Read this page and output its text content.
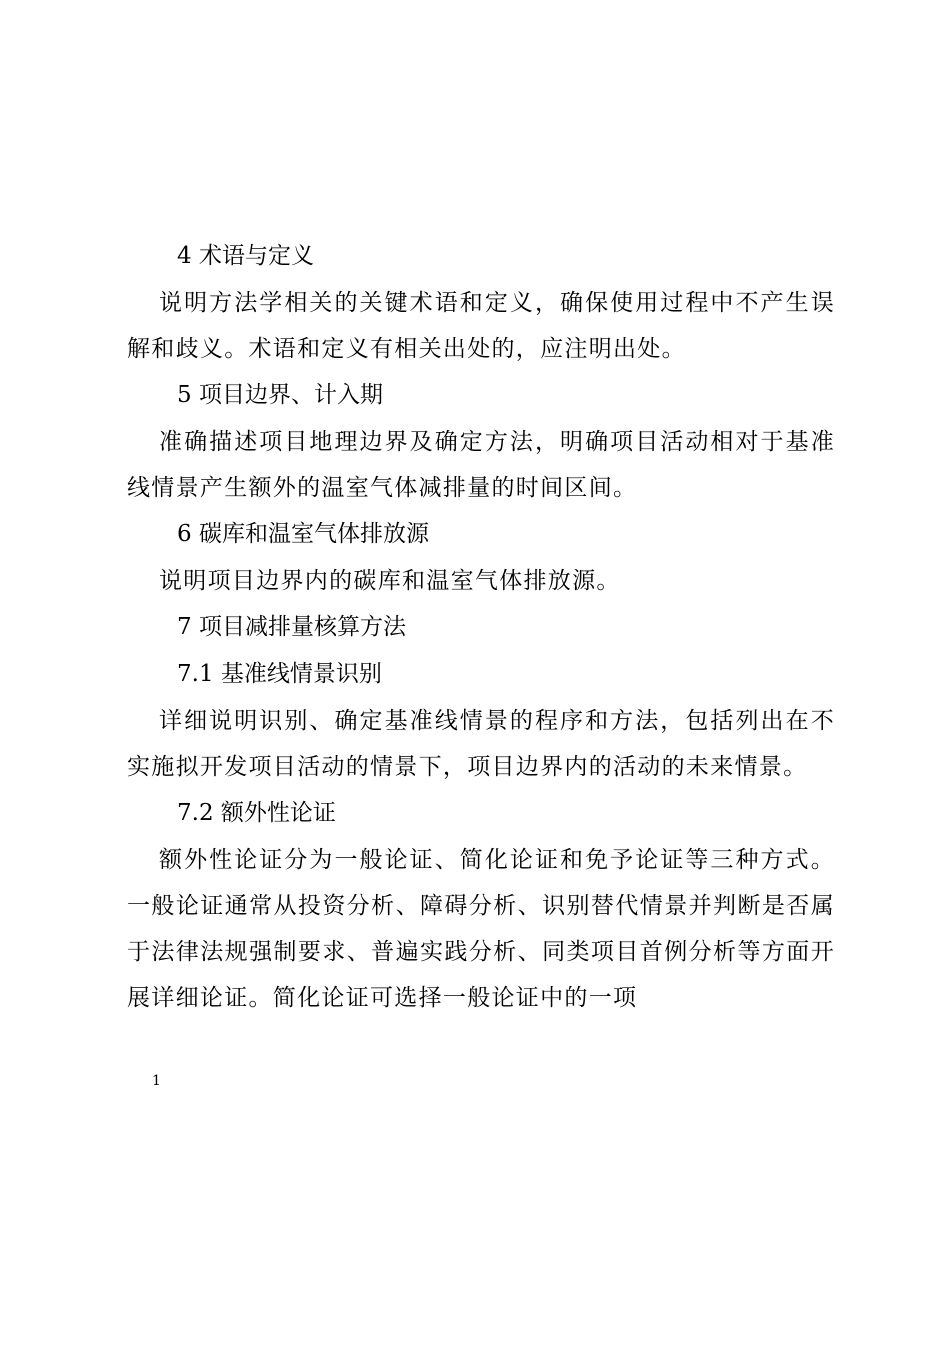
4 术语与定义

说明方法学相关的关键术语和定义，确保使用过程中不产生误解和歧义。术语和定义有相关出处的，应注明出处。

5 项目边界、计入期

准确描述项目地理边界及确定方法，明确项目活动相对于基准线情景产生额外的温室气体减排量的时间区间。

6 碳库和温室气体排放源

说明项目边界内的碳库和温室气体排放源。

7 项目减排量核算方法
7.1 基准线情景识别

详细说明识别、确定基准线情景的程序和方法，包括列出在不实施拟开发项目活动的情景下，项目边界内的活动的未来情景。

7.2 额外性论证

额外性论证分为一般论证、简化论证和免予论证等三种方式。一般论证通常从投资分析、障碍分析、识别替代情景并判断是否属于法律法规强制要求、普遍实践分析、同类项目首例分析等方面开展详细论证。简化论证可选择一般论证中的一项

1
